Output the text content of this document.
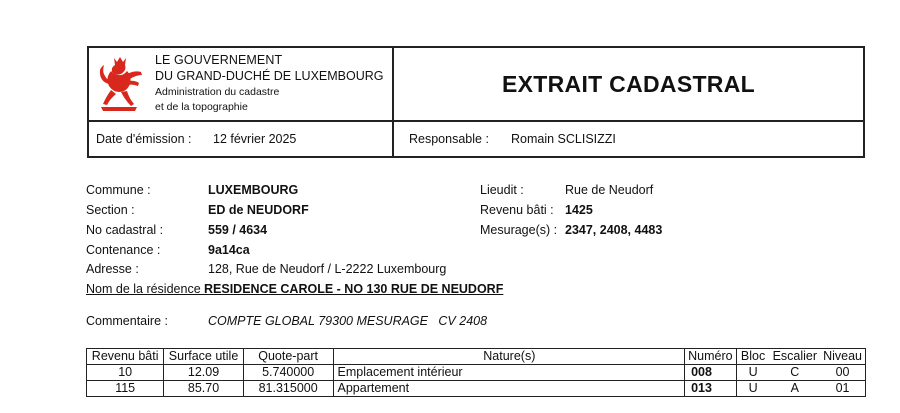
LE GOUVERNEMENT
DU GRAND-DUCHÉ DE LUXEMBOURG
Administration du cadastre
et de la topographie
EXTRAIT CADASTRAL
Date d'émission : 12 février 2025	Responsable : Romain SCLISIZZI
Commune :	LUXEMBOURG
Section :	ED de NEUDORF
No cadastral :	559 / 4634
Contenance :	9a14ca
Adresse :	128, Rue de Neudorf / L-2222 Luxembourg
Nom de la résidence :
RESIDENCE CAROLE - NO 130 RUE DE NEUDORF
Lieudit :	Rue de Neudorf
Revenu bâti : 1425
Mesurage(s) : 2347, 2408, 4483
Commentaire :	COMPTE GLOBAL 79300 MESURAGE   CV 2408
Revenu bâti	Surface utile	Quote-part	Nature(s)	Numéro	Bloc	Escalier	Niveau
10	12.09	5.740000	Emplacement intérieur	008	U	C	00
115	85.70	81.315000	Appartement	013	U	A	01
